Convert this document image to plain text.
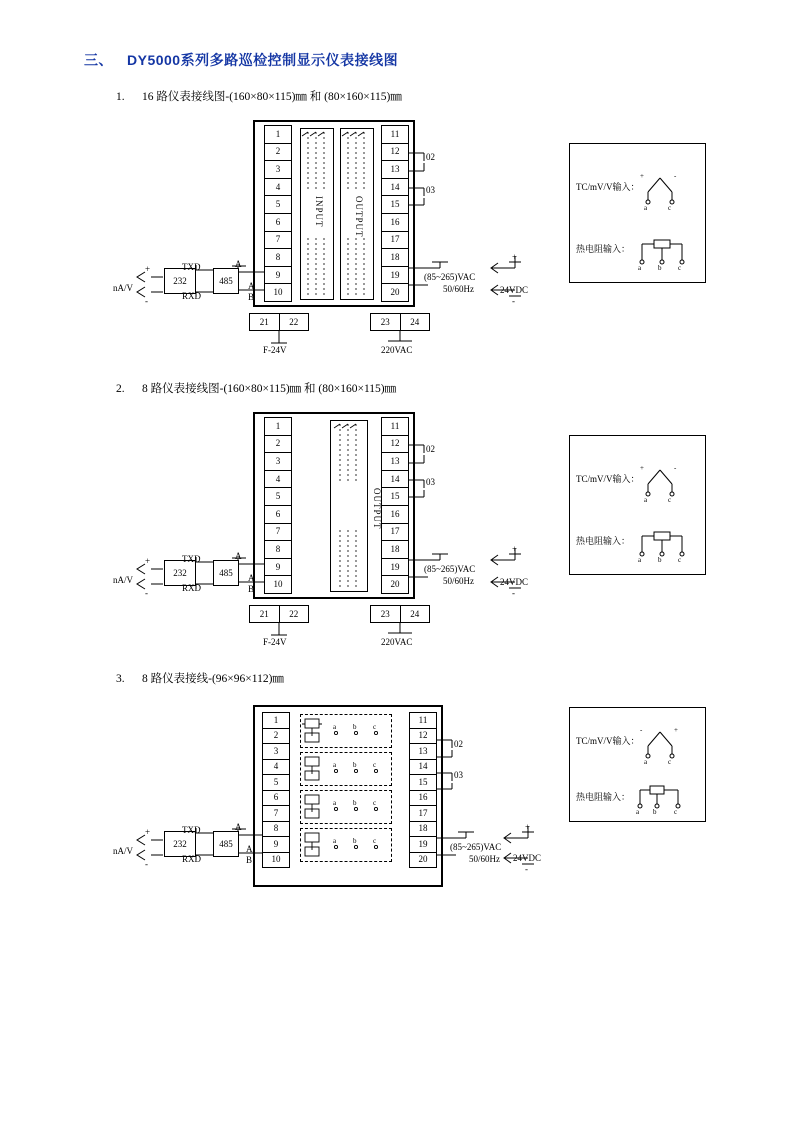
三、 DY5000系列多路巡检控制显示仪表接线图
1. 16 路仪表接线图-(160×80×115)㎜ 和 (80×160×115)㎜
1
2
3
4
5
6
7
8
9
10
11
12
13
14
15
16
17
18
19
20
INPUT	OUTPUT
02
03
(85~265)VAC
50/60Hz	24VDC
+
-
nA/V
+
-
232
TXD
RXD
485
A
A
B
21	22	23	24
F-24V	220VAC
TC/mV/V输入：
热电阻输入：
+	-
a	c
a b c
2. 8 路仪表接线图-(160×80×115)㎜ 和 (80×160×115)㎜
1
2
3
4
5
6
7
8
9
10
11
12
13
14
15
16
17
18
19
20
OUTPUT
02
03
(85~265)VAC
50/60Hz	24VDC
+
-
nA/V
+
-
232
TXD
RXD
485
A
A
B
21	22	23	24
F-24V	220VAC
TC/mV/V输入：
热电阻输入：
+	-
a	c
a b c
3. 8 路仪表接线-(96×96×112)㎜
1
2
3
4
5
6
7
8
9
10
11
12
13
14
15
16
17
18
19
20
a b c
a b c
a b c
a b c
02
03
(85~265)VAC
50/60Hz 24VDC
+
-
nA/V
+
-
232
TXD
RXD
485
A
A
B
TC/mV/V输入：
热电阻输入：
-	+
a	c
a b	c
